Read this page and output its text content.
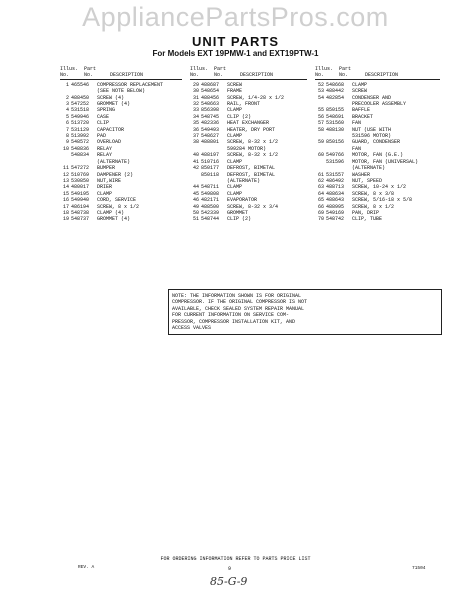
AppliancePartsPros.com
UNIT PARTS
For Models EXT 19PMW-1 and EXT19PTW-1
Illus.
No.
Part
No.
	DESCRIPTION
1 465546	COMPRESSOR REPLACEMENT
(SEE NOTE BELOW)
2 488450	SCREW (4)
3 547252	GROMMET (4)
4 531518	SPRING
5 549946	CASE
6 513720	CLIP
7 531129	CAPACITOR
8 513992	PAD
9 548572	OVERLOAD
10 548836	RELAY
548834	RELAY
(ALTERNATE)
11 547272	BUMPER
12 510769	DAMPENER (2)
13 530850	NUT,WIRE
14 480017	DRIER
15 549195	CLAMP
16 549940	CORD, SERVICE
17 486194	SCREW, 8 x 1/2
18 548738	CLAMP (4)
19 548737	GROMMET (4)
Illus.
No.
Part
No.
	DESCRIPTION
29 488687	SCREW
30 548654	FRAME
31 488456	SCREW, 1/4-28 x 1/2
32 548663	RAIL, FRONT
33 856398	CLAMP
34 548745	CLIP (2)
35 482336	HEAT EXCHANGER
36 549493	HEATER, DRY PORT
37 548627	CLAMP
38 488801	SCREW, 8-32 x 1/2
599284 MOTOR)
40 488197	SCREW, 8-32 x 1/2
41 510716	CLAMP
42 850177	DEFROST, BIMETAL
850118	DEFROST, BIMETAL
(ALTERNATE)
44 548711	CLAMP
45 549808	CLAMP
46 482171	EVAPORATOR
49 488500	SCREW, 8-32 x 3/4
50 542339	GROMMET
51 548744	CLIP (2)
Illus.
No.
Part
No.
	DESCRIPTION
52 548668	CLAMP
53 488442	SCREW
54 482854	CONDENSER AND
PRECOOLER ASSEMBLY
55 850155	BAFFLE
56 548691	BRACKET
57 531560	FAN
58 488130	NUT (USE WITH
531596 MOTOR)
59 850156	GUARD, CONDENSER
FAN
60 549766	MOTOR, FAN (G.E.)
531596	MOTOR, FAN (UNIVERSAL)
(ALTERNATE)
61 531557	WASHER
62 486492	NUT, SPEED
63 488713	SCREW, 10-24 x 1/2
64 488634	SCREW, 8 x 3/8
65 488643	SCREW, 5/16-18 x 5/8
66 488995	SCREW, 8 x 1/2
69 549169	PAN, DRIP
70 548742	CLIP, TUBE
NOTE: THE INFORMATION SHOWN IS FOR ORIGINAL
COMPRESSOR. IF THE ORIGINAL COMPRESSOR IS NOT
AVAILABLE, CHECK SEALED SYSTEM REPAIR MANUAL
FOR CURRENT INFORMATION ON SERVICE COM-
PRESSOR, COMPRESSOR INSTALLATION KIT, AND
ACCESS VALVES
FOR ORDERING INFORMATION REFER TO PARTS PRICE LIST
REV. A	9	71504
85-G-9
